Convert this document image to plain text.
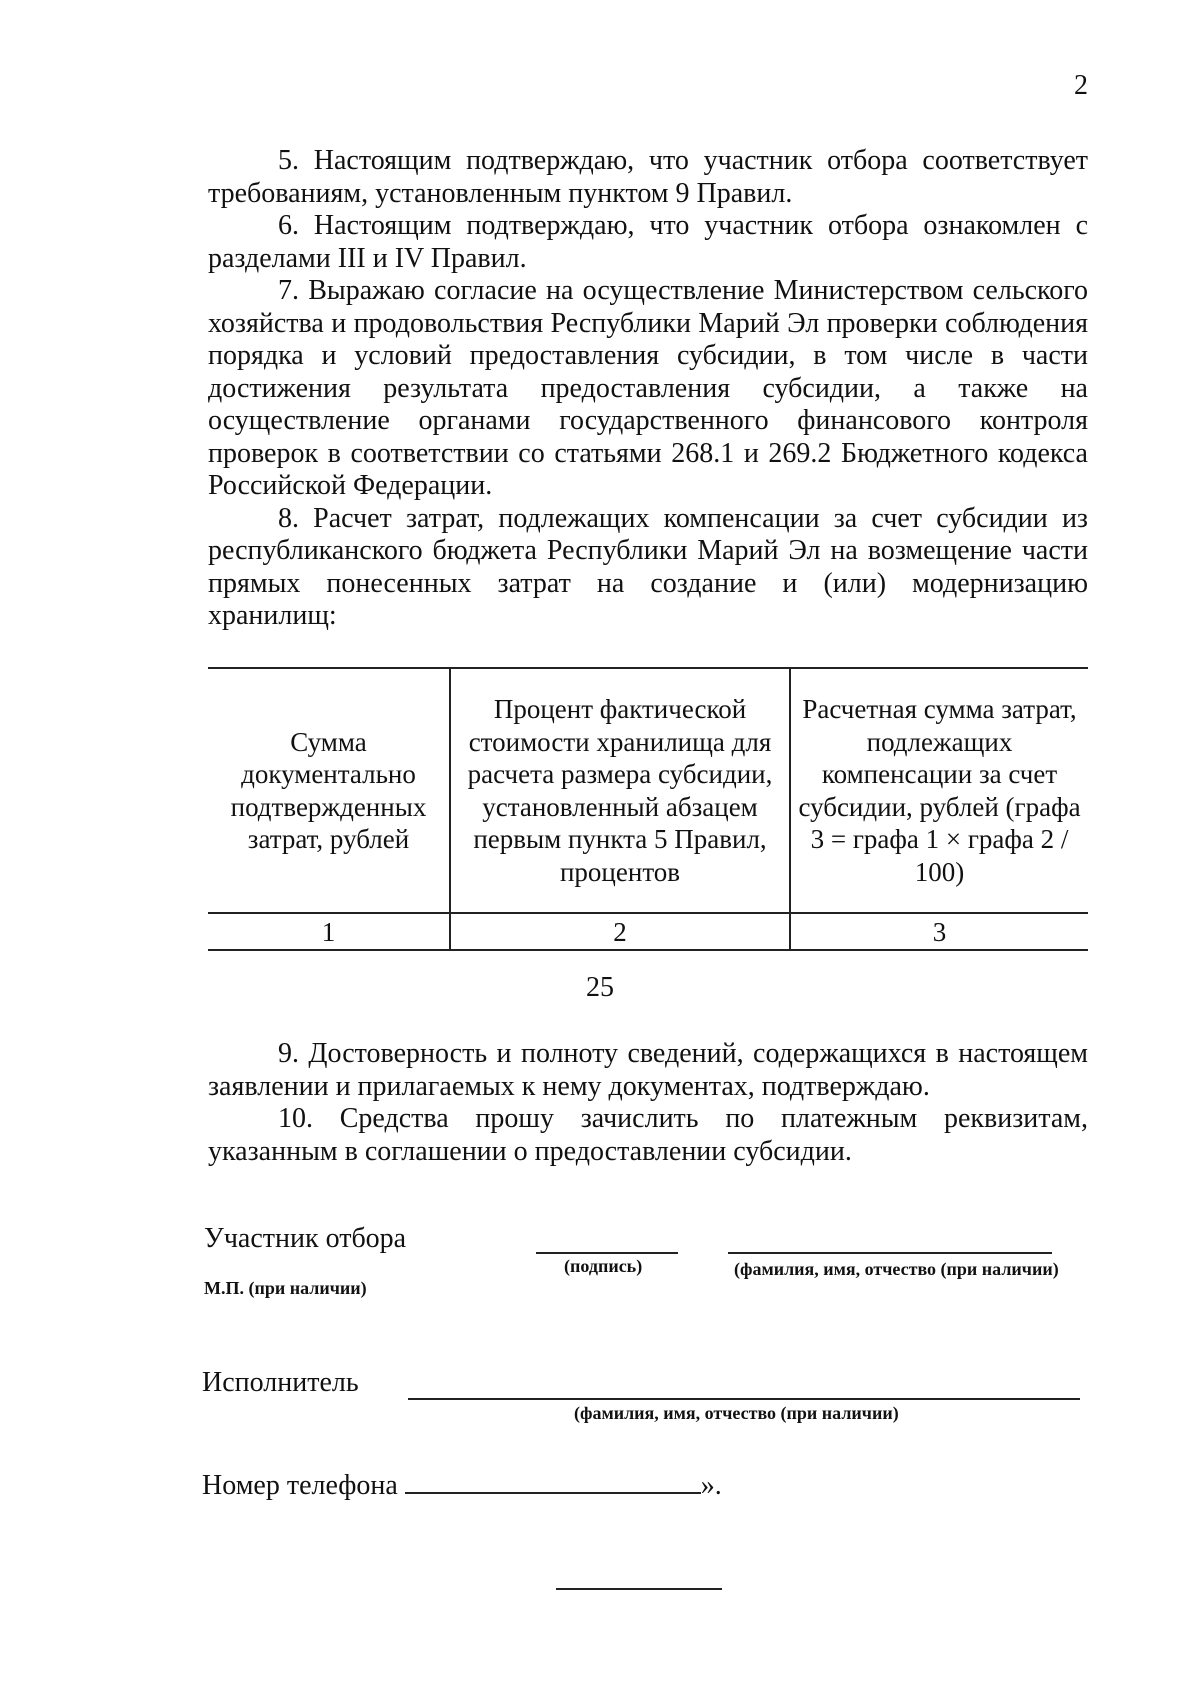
2

5. Настоящим подтверждаю, что участник отбора соответствует требованиям, установленным пунктом 9 Правил.

6. Настоящим подтверждаю, что участник отбора ознакомлен с разделами III и IV Правил.

7. Выражаю согласие на осуществление Министерством сельского хозяйства и продовольствия Республики Марий Эл проверки соблюдения порядка и условий предоставления субсидии, в том числе в части достижения результата предоставления субсидии, а также на осуществление органами государственного финансового контроля проверок в соответствии со статьями 268.1 и 269.2 Бюджетного кодекса Российской Федерации.

8. Расчет затрат, подлежащих компенсации за счет субсидии из республиканского бюджета Республики Марий Эл на возмещение части прямых понесенных затрат на создание и (или) модернизацию хранилищ:

Сумма документально подтвержденных затрат, рублей	Процент фактической стоимости хранилища для расчета размера субсидии, установленный абзацем первым пункта 5 Правил, процентов	Расчетная сумма затрат, подлежащих компенсации за счет субсидии, рублей (графа 3 = графа 1 × графа 2 / 100)
1	2	3
25

9. Достоверность и полноту сведений, содержащихся в настоящем заявлении и прилагаемых к нему документах, подтверждаю.

10. Средства прошу зачислить по платежным реквизитам, указанным в соглашении о предоставлении субсидии.

Участник отбора
(подпись)	(фамилия, имя, отчество (при наличии)
М.П. (при наличии)
Исполнитель
(фамилия, имя, отчество (при наличии)
Номер телефона	».
